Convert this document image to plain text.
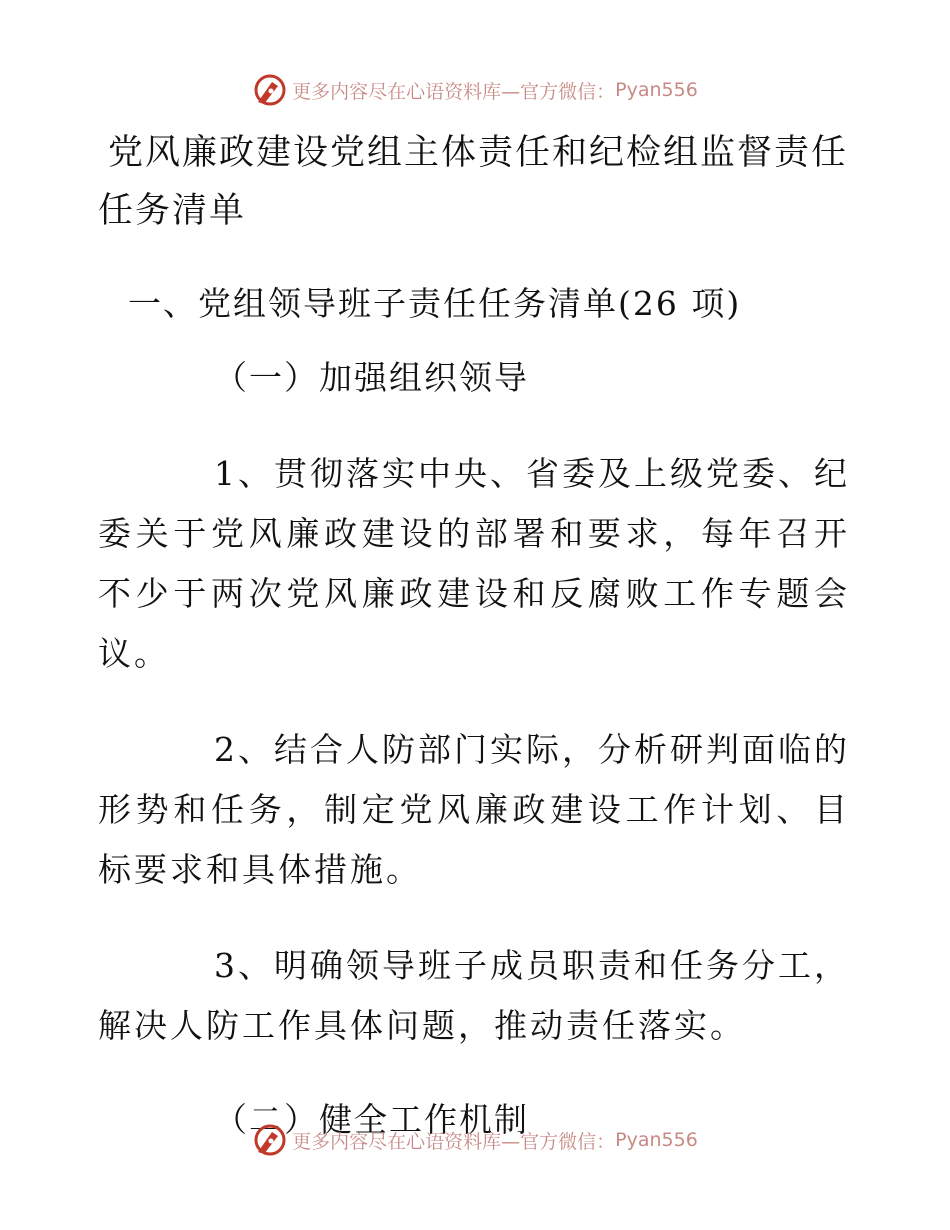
更多内容尽在心语资料库—官方微信： Pyan556
党风廉政建设党组主体责任和纪检组监督责任任务清单
一、党组领导班子责任任务清单(26 项)
（一）加强组织领导

1、贯彻落实中央、省委及上级党委、纪委关于党风廉政建设的部署和要求，每年召开不少于两次党风廉政建设和反腐败工作专题会议。

2、结合人防部门实际，分析研判面临的形势和任务，制定党风廉政建设工作计划、目标要求和具体措施。

3、明确领导班子成员职责和任务分工，解决人防工作具体问题，推动责任落实。

（二）健全工作机制
更多内容尽在心语资料库—官方微信： Pyan556
